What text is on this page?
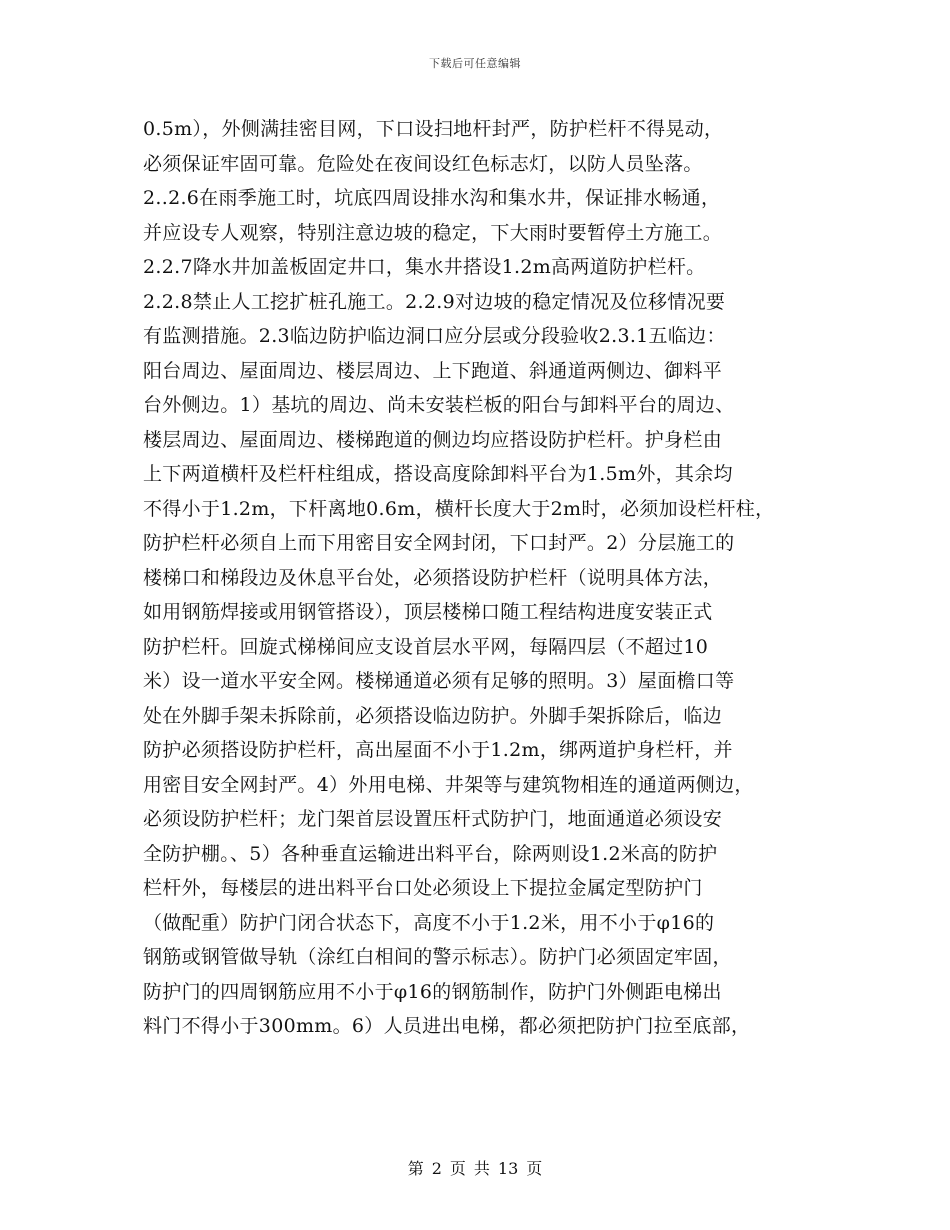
下载后可任意编辑
0.5m），外侧满挂密目网，下口设扫地杆封严，防护栏杆不得晃动，
必须保证牢固可靠。危险处在夜间设红色标志灯，以防人员坠落。
2..2.6在雨季施工时，坑底四周设排水沟和集水井，保证排水畅通，
并应设专人观察，特别注意边坡的稳定，下大雨时要暂停土方施工。
2.2.7降水井加盖板固定井口，集水井搭设1.2m高两道防护栏杆。
2.2.8禁止人工挖扩桩孔施工。2.2.9对边坡的稳定情况及位移情况要
有监测措施。2.3临边防护临边洞口应分层或分段验收2.3.1五临边：
阳台周边、屋面周边、楼层周边、上下跑道、斜通道两侧边、御料平
台外侧边。1）基坑的周边、尚未安装栏板的阳台与卸料平台的周边、
楼层周边、屋面周边、楼梯跑道的侧边均应搭设防护栏杆。护身栏由
上下两道横杆及栏杆柱组成，搭设高度除卸料平台为1.5m外，其余均
不得小于1.2m，下杆离地0.6m，横杆长度大于2m时，必须加设栏杆柱，
防护栏杆必须自上而下用密目安全网封闭，下口封严。2）分层施工的
楼梯口和梯段边及休息平台处，必须搭设防护栏杆（说明具体方法，
如用钢筋焊接或用钢管搭设），顶层楼梯口随工程结构进度安装正式
防护栏杆。回旋式梯梯间应支设首层水平网，每隔四层（不超过10
米）设一道水平安全网。楼梯通道必须有足够的照明。3）屋面檐口等
处在外脚手架未拆除前，必须搭设临边防护。外脚手架拆除后，临边
防护必须搭设防护栏杆，高出屋面不小于1.2m，绑两道护身栏杆，并
用密目安全网封严。4）外用电梯、井架等与建筑物相连的通道两侧边，
必须设防护栏杆；龙门架首层设置压杆式防护门，地面通道必须设安
全防护棚。、5）各种垂直运输进出料平台，除两则设1.2米高的防护
栏杆外，每楼层的进出料平台口处必须设上下提拉金属定型防护门
（做配重）防护门闭合状态下，高度不小于1.2米，用不小于φ16的
钢筋或钢管做导轨（涂红白相间的警示标志）。防护门必须固定牢固，
防护门的四周钢筋应用不小于φ16的钢筋制作，防护门外侧距电梯出
料门不得小于300mm。6）人员进出电梯，都必须把防护门拉至底部，
第 2 页 共 13 页
